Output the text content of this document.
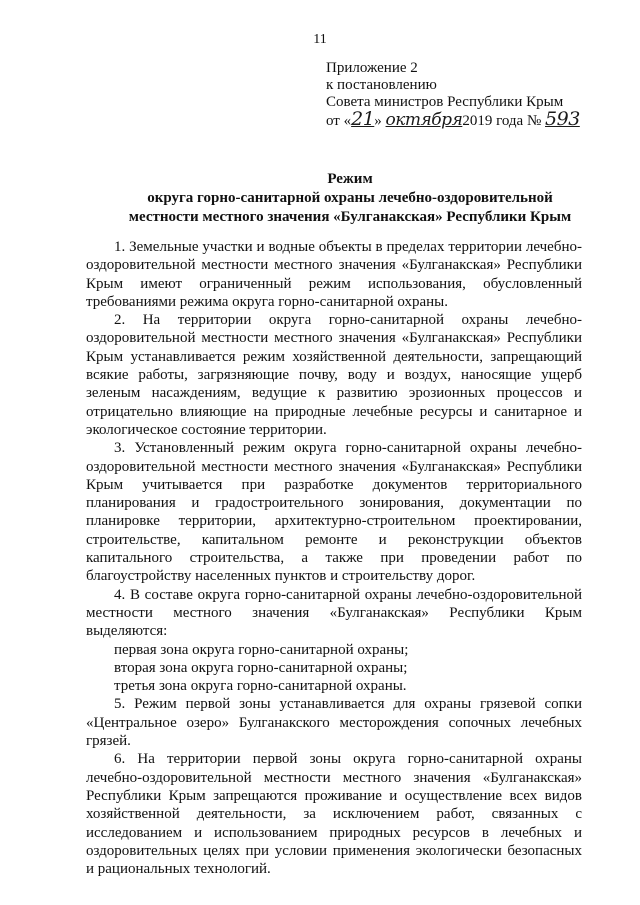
11
Приложение 2
к постановлению
Совета министров Республики Крым
от «21» октября2019 года № 593
Режим
округа горно-санитарной охраны лечебно-оздоровительной
местности местного значения «Булганакская» Республики Крым

1. Земельные участки и водные объекты в пределах территории лечебно-оздоровительной местности местного значения «Булганакская» Республики Крым имеют ограниченный режим использования, обусловленный требованиями режима округа горно-санитарной охраны.

2. На территории округа горно-санитарной охраны лечебно-оздоровительной местности местного значения «Булганакская» Республики Крым устанавливается режим хозяйственной деятельности, запрещающий всякие работы, загрязняющие почву, воду и воздух, наносящие ущерб зеленым насаждениям, ведущие к развитию эрозионных процессов и отрицательно влияющие на природные лечебные ресурсы и санитарное и экологическое состояние территории.

3. Установленный режим округа горно-санитарной охраны лечебно-оздоровительной местности местного значения «Булганакская» Республики Крым учитывается при разработке документов территориального планирования и градостроительного зонирования, документации по планировке территории, архитектурно-строительном проектировании, строительстве, капитальном ремонте и реконструкции объектов капитального строительства, а также при проведении работ по благоустройству населенных пунктов и строительству дорог.

4. В составе округа горно-санитарной охраны лечебно-оздоровительной местности местного значения «Булганакская» Республики Крым выделяются:

первая зона округа горно-санитарной охраны;

вторая зона округа горно-санитарной охраны;

третья зона округа горно-санитарной охраны.

5. Режим первой зоны устанавливается для охраны грязевой сопки «Центральное озеро» Булганакского месторождения сопочных лечебных грязей.

6. На территории первой зоны округа горно-санитарной охраны лечебно-оздоровительной местности местного значения «Булганакская» Республики Крым запрещаются проживание и осуществление всех видов хозяйственной деятельности, за исключением работ, связанных с исследованием и использованием природных ресурсов в лечебных и оздоровительных целях при условии применения экологически безопасных и рациональных технологий.
